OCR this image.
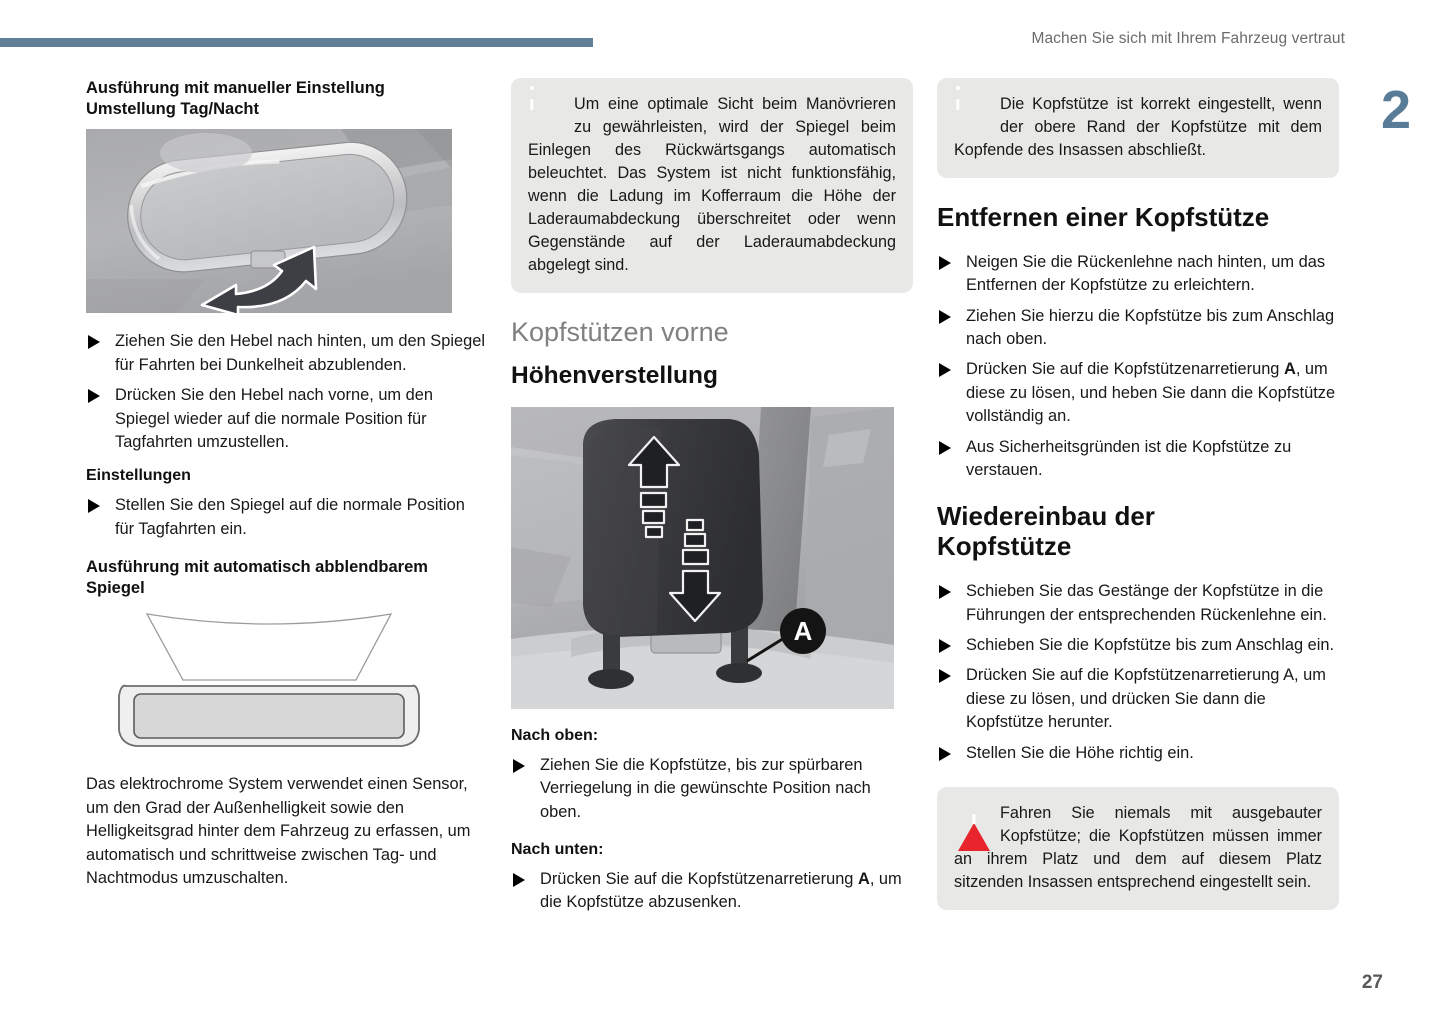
Machen Sie sich mit Ihrem Fahrzeug vertraut
2
27
Ausführung mit manueller Einstellung
Umstellung Tag/Nacht
Ziehen Sie den Hebel nach hinten, um den Spiegel für Fahrten bei Dunkelheit abzublenden.
Drücken Sie den Hebel nach vorne, um den Spiegel wieder auf die normale Position für Tagfahrten umzustellen.
Einstellungen
Stellen Sie den Spiegel auf die normale Position für Tagfahrten ein.
Ausführung mit automatisch abblendbarem
Spiegel

Das elektrochrome System verwendet einen Sensor, um den Grad der Außenhelligkeit sowie den Helligkeitsgrad hinter dem Fahrzeug zu erfassen, um automatisch und schrittweise zwischen Tag- und Nachtmodus umzuschalten.

Um eine optimale Sicht beim Manövrieren zu gewährleisten, wird der Spiegel beim Einlegen des Rückwärtsgangs automatisch beleuchtet. Das System ist nicht funktionsfähig, wenn die Ladung im Kofferraum die Höhe der Laderaumabdeckung überschreitet oder wenn Gegenstände auf der Laderaumabdeckung abgelegt sind.
Kopfstützen vorne
Höhenverstellung
A
Nach oben:
Ziehen Sie die Kopfstütze, bis zur spürbaren Verriegelung in die gewünschte Position nach oben.
Nach unten:
Drücken Sie auf die Kopfstützenarretierung A, um die Kopfstütze abzusenken.
Die Kopfstütze ist korrekt eingestellt, wenn der obere Rand der Kopfstütze mit dem Kopfende des Insassen abschließt.
Entfernen einer Kopfstütze
Neigen Sie die Rückenlehne nach hinten, um das Entfernen der Kopfstütze zu erleichtern.
Ziehen Sie hierzu die Kopfstütze bis zum Anschlag nach oben.
Drücken Sie auf die Kopfstützenarretierung A, um diese zu lösen, und heben Sie dann die Kopfstütze vollständig an.
Aus Sicherheitsgründen ist die Kopfstütze zu verstauen.
Wiedereinbau der
Kopfstütze
Schieben Sie das Gestänge der Kopfstütze in die Führungen der entsprechenden Rückenlehne ein.
Schieben Sie die Kopfstütze bis zum Anschlag ein.
Drücken Sie auf die Kopfstützenarretierung A, um diese zu lösen, und drücken Sie dann die Kopfstütze herunter.
Stellen Sie die Höhe richtig ein.
Fahren Sie niemals mit ausgebauter Kopfstütze; die Kopfstützen müssen immer an ihrem Platz und dem auf diesem Platz sitzenden Insassen entsprechend eingestellt sein.
